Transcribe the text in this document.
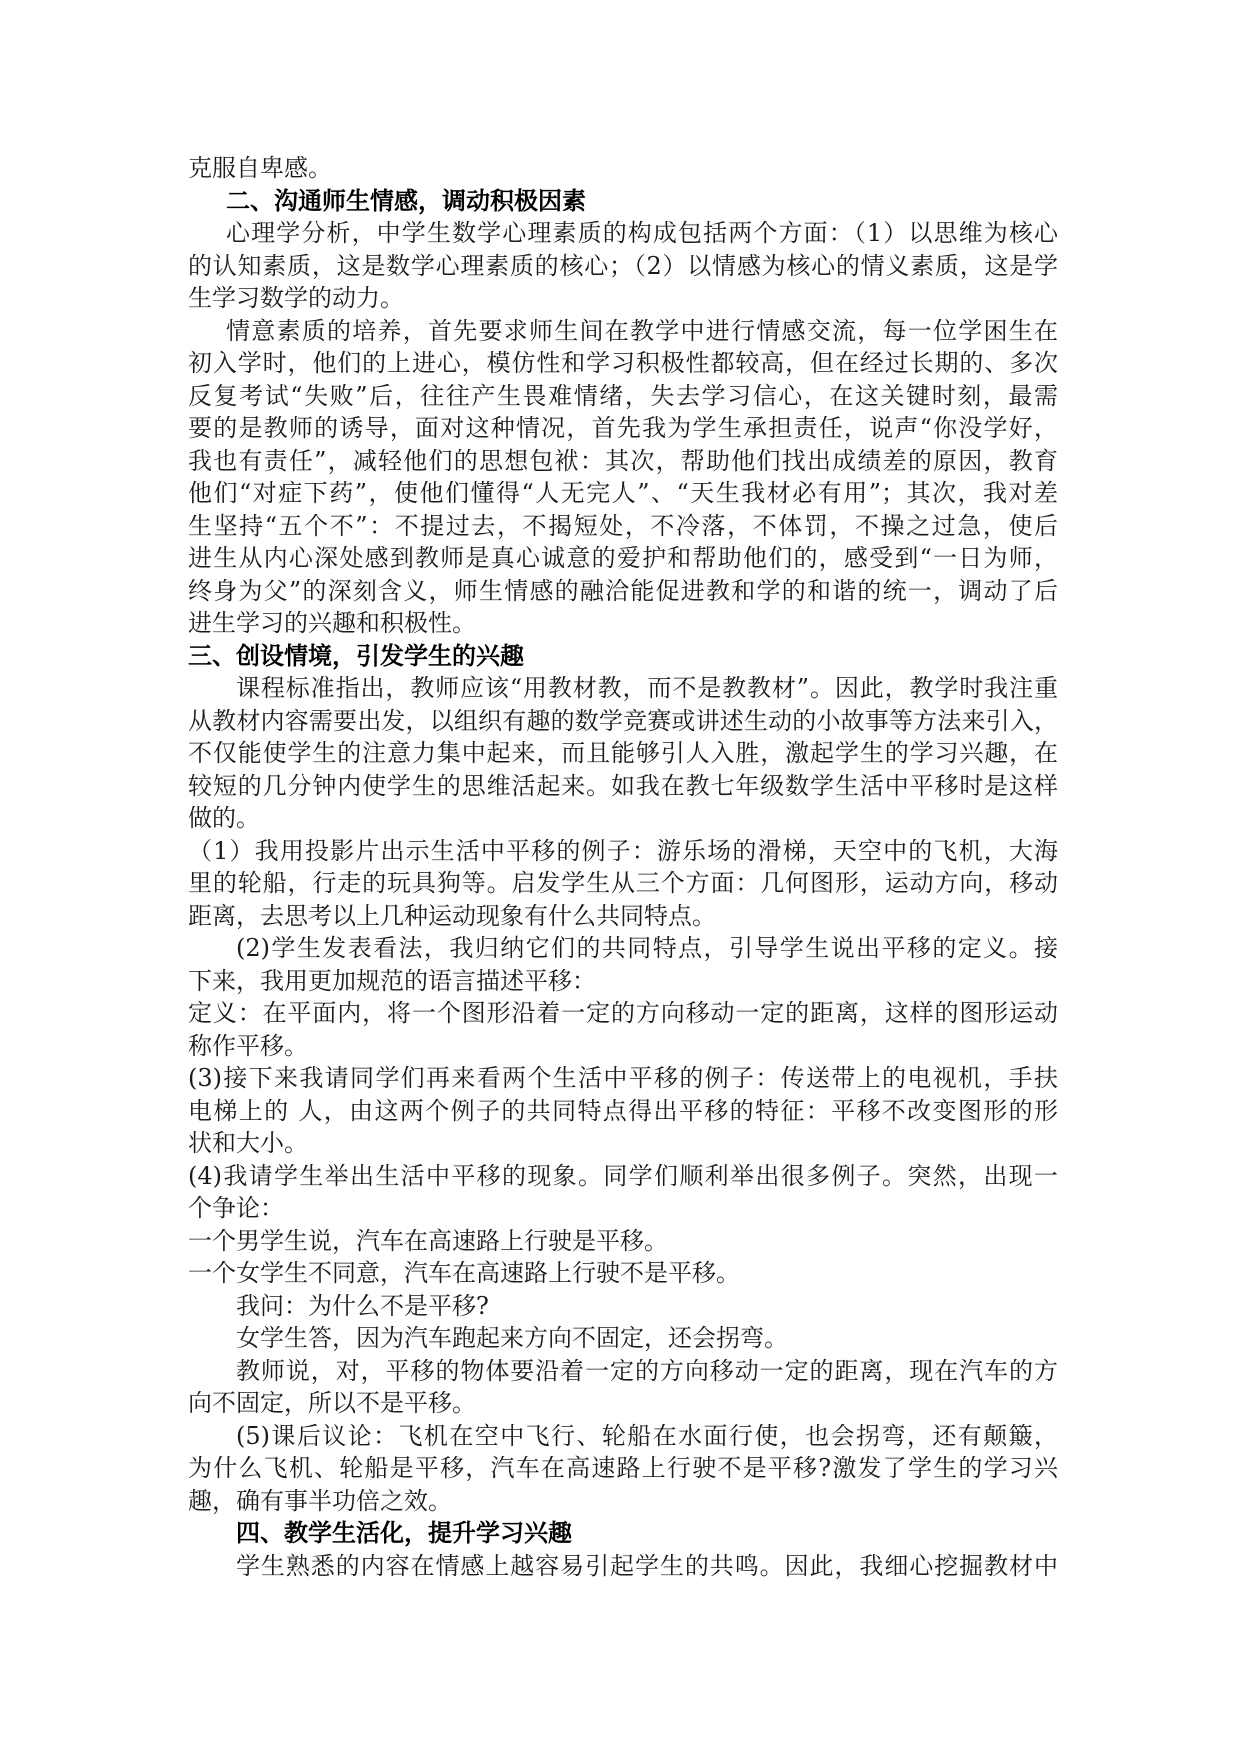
克服自卑感。
二、沟通师生情感，调动积极因素
心理学分析，中学生数学心理素质的构成包括两个方面：（1）以思维为核心
的认知素质，这是数学心理素质的核心；（2）以情感为核心的情义素质，这是学
生学习数学的动力。
情意素质的培养，首先要求师生间在教学中进行情感交流，每一位学困生在
初入学时，他们的上进心，模仿性和学习积极性都较高，但在经过长期的、多次
反复考试“失败”后，往往产生畏难情绪，失去学习信心，在这关键时刻，最需
要的是教师的诱导，面对这种情况，首先我为学生承担责任，说声“你没学好，
我也有责任”，减轻他们的思想包袱：其次，帮助他们找出成绩差的原因，教育
他们“对症下药”，使他们懂得“人无完人”、“天生我材必有用”；其次，我对差
生坚持“五个不”：不提过去，不揭短处，不冷落，不体罚，不操之过急，使后
进生从内心深处感到教师是真心诚意的爱护和帮助他们的，感受到“一日为师，
终身为父”的深刻含义，师生情感的融洽能促进教和学的和谐的统一，调动了后
进生学习的兴趣和积极性。
三、创设情境，引发学生的兴趣
课程标准指出，教师应该“用教材教，而不是教教材”。因此，教学时我注重
从教材内容需要出发，以组织有趣的数学竞赛或讲述生动的小故事等方法来引入，
不仅能使学生的注意力集中起来，而且能够引人入胜，激起学生的学习兴趣，在
较短的几分钟内使学生的思维活起来。如我在教七年级数学生活中平移时是这样
做的。
（1）我用投影片出示生活中平移的例子：游乐场的滑梯，天空中的飞机，大海
里的轮船，行走的玩具狗等。启发学生从三个方面：几何图形，运动方向，移动
距离，去思考以上几种运动现象有什么共同特点。
(2)学生发表看法，我归纳它们的共同特点，引导学生说出平移的定义。接
下来，我用更加规范的语言描述平移：
定义：在平面内，将一个图形沿着一定的方向移动一定的距离，这样的图形运动
称作平移。
(3)接下来我请同学们再来看两个生活中平移的例子：传送带上的电视机，手扶
电梯上的 人，由这两个例子的共同特点得出平移的特征：平移不改变图形的形
状和大小。
(4)我请学生举出生活中平移的现象。同学们顺利举出很多例子。突然，出现一
个争论：
一个男学生说，汽车在高速路上行驶是平移。
一个女学生不同意，汽车在高速路上行驶不是平移。
我问：为什么不是平移?
女学生答，因为汽车跑起来方向不固定，还会拐弯。
教师说，对，平移的物体要沿着一定的方向移动一定的距离，现在汽车的方
向不固定，所以不是平移。
(5)课后议论：飞机在空中飞行、轮船在水面行使，也会拐弯，还有颠簸，
为什么飞机、轮船是平移，汽车在高速路上行驶不是平移?激发了学生的学习兴
趣，确有事半功倍之效。
四、教学生活化，提升学习兴趣
学生熟悉的内容在情感上越容易引起学生的共鸣。因此，我细心挖掘教材中
